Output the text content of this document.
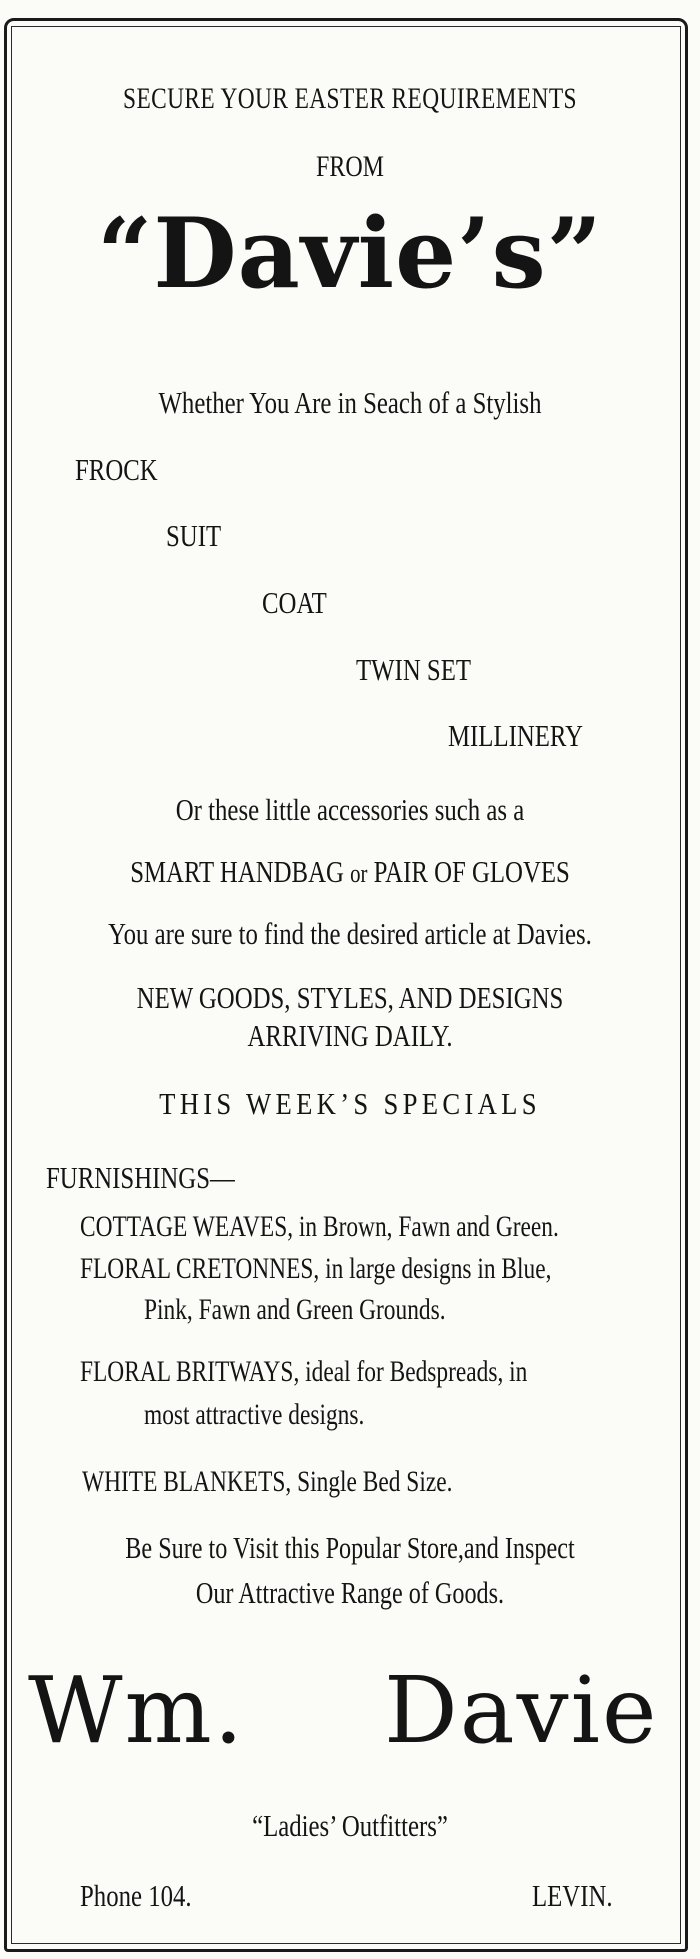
SECURE YOUR EASTER REQUIREMENTS
FROM
“Davie’s”
Whether You Are in Seach of a Stylish
FROCK
SUIT
COAT
TWIN SET
MILLINERY
Or these little accessories such as a
SMART HANDBAG or PAIR OF GLOVES
You are sure to find the desired article at Davies.
NEW GOODS, STYLES, AND DESIGNS
ARRIVING DAILY.
THIS WEEK’S SPECIALS
FURNISHINGS—
COTTAGE WEAVES, in Brown, Fawn and Green.
FLORAL CRETONNES, in large designs in Blue,
Pink, Fawn and Green Grounds.
FLORAL BRITWAYS, ideal for Bedspreads, in
most attractive designs.
WHITE BLANKETS, Single Bed Size.
Be Sure to Visit this Popular Store,and Inspect
Our Attractive Range of Goods.
Wm. Davie
“Ladies’ Outfitters”
Phone 104.	LEVIN.
